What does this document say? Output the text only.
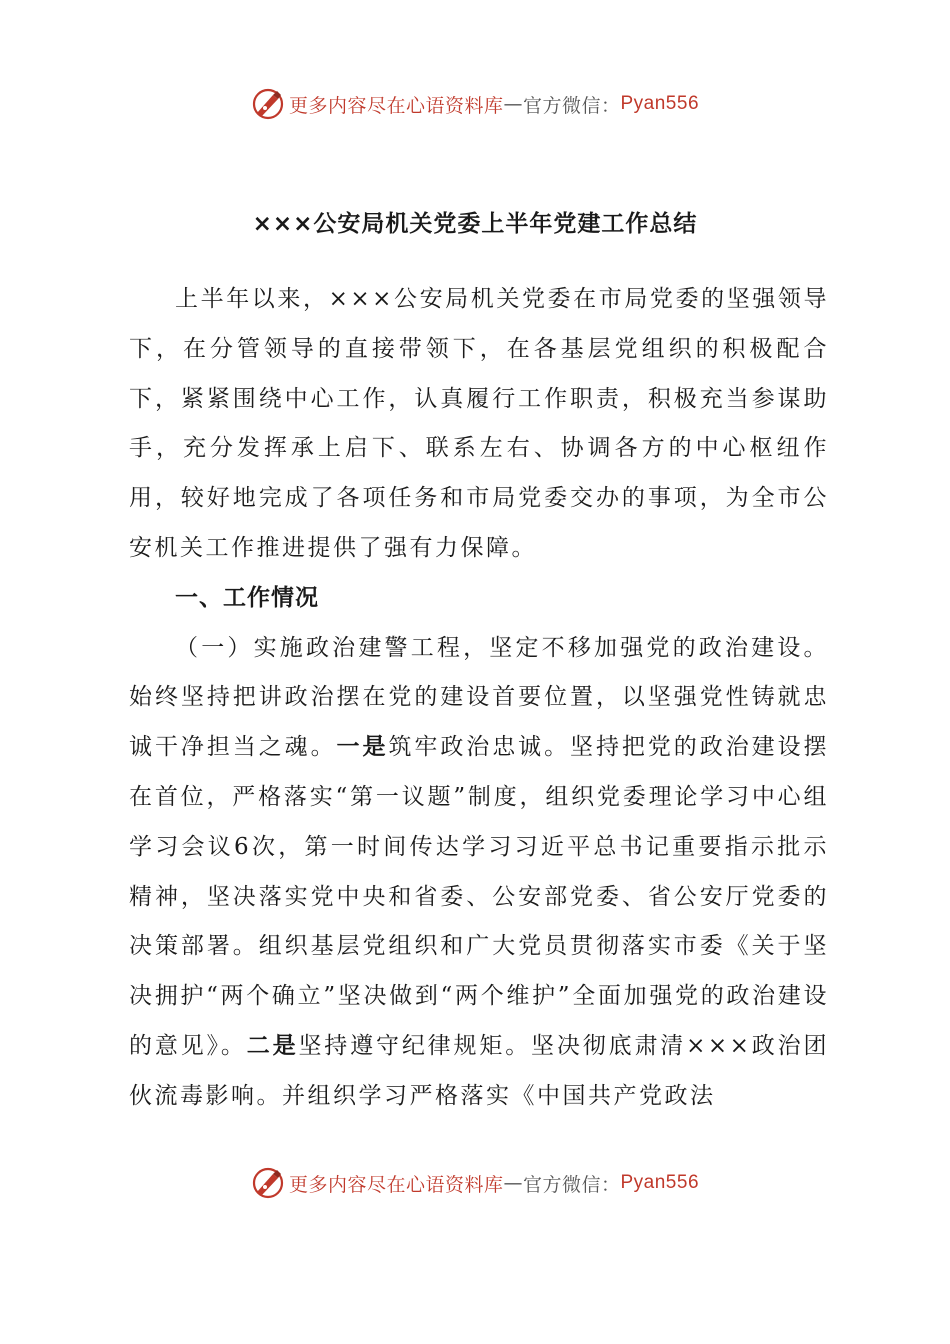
更多内容尽在心语资料库 — 官方微信： Pyan556
×××公安局机关党委上半年党建工作总结

上半年以来，×××公安局机关党委在市局党委的坚强领导下，在分管领导的直接带领下，在各基层党组织的积极配合下，紧紧围绕中心工作，认真履行工作职责，积极充当参谋助手，充分发挥承上启下、联系左右、协调各方的中心枢纽作用，较好地完成了各项任务和市局党委交办的事项，为全市公安机关工作推进提供了强有力保障。

一、工作情况

（一）实施政治建警工程，坚定不移加强党的政治建设。始终坚持把讲政治摆在党的建设首要位置，以坚强党性铸就忠诚干净担当之魂。一是筑牢政治忠诚。坚持把党的政治建设摆在首位，严格落实“第一议题”制度，组织党委理论学习中心组学习会议6次，第一时间传达学习习近平总书记重要指示批示精神，坚决落实党中央和省委、公安部党委、省公安厅党委的决策部署。组织基层党组织和广大党员贯彻落实市委《关于坚决拥护“两个确立”坚决做到“两个维护”全面加强党的政治建设的意见》。二是坚持遵守纪律规矩。坚决彻底肃清×××政治团伙流毒影响。并组织学习严格落实《中国共产党政法

更多内容尽在心语资料库 — 官方微信： Pyan556
